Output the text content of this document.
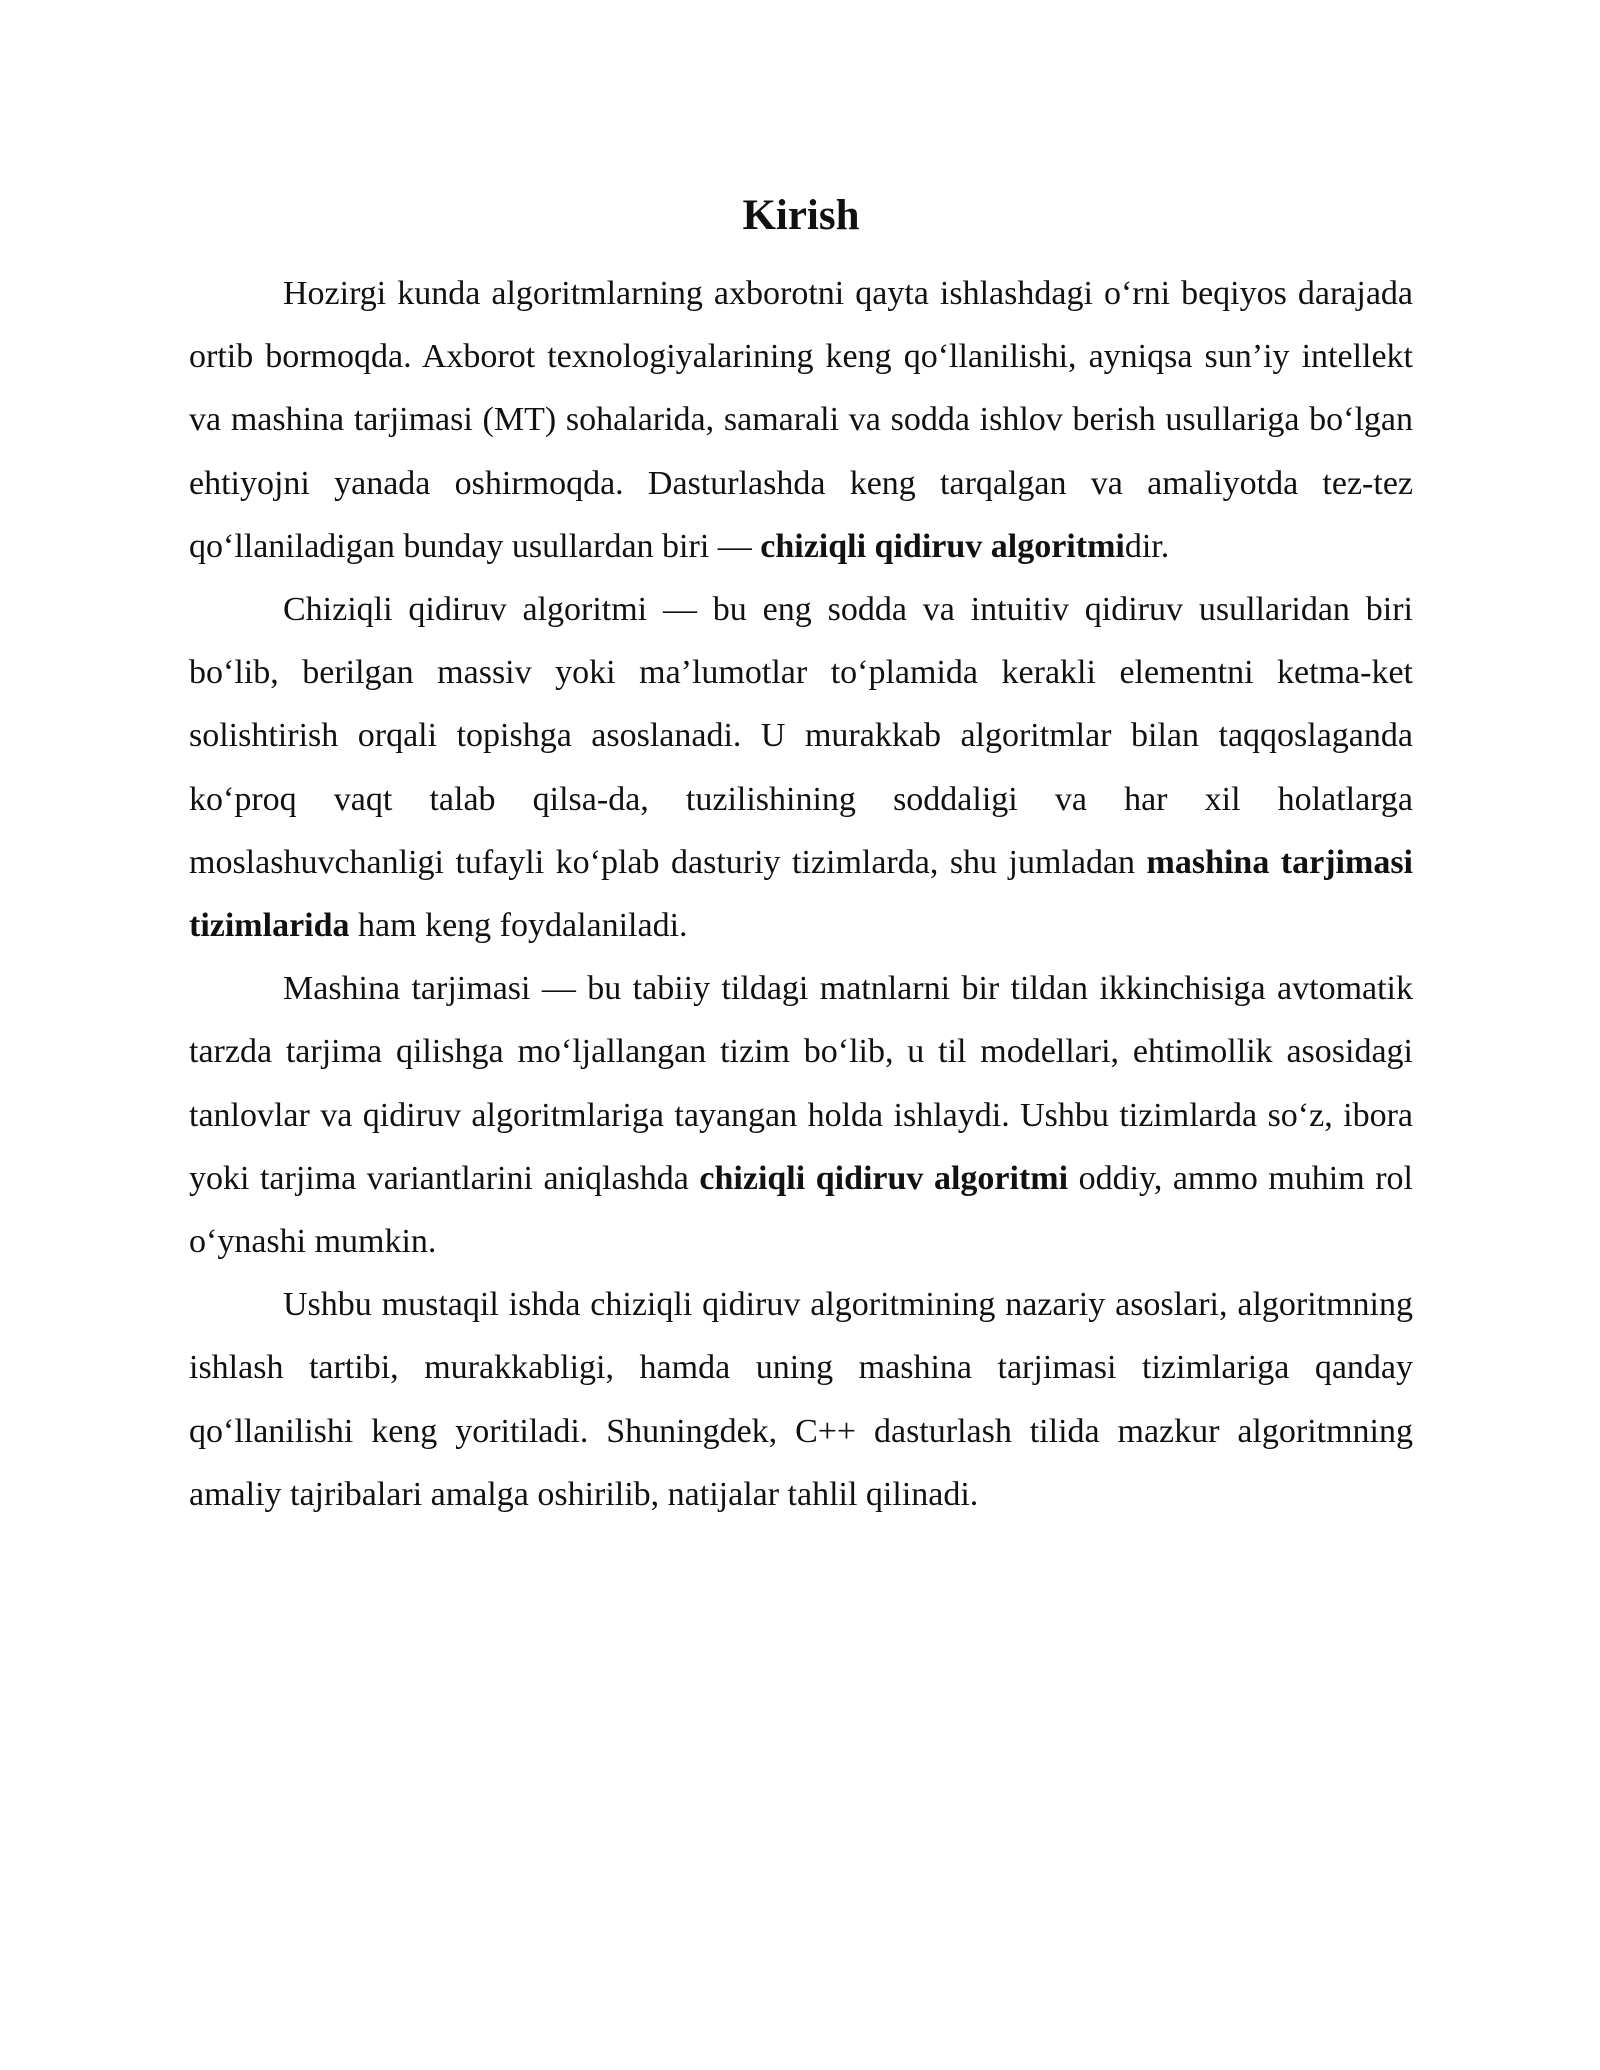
Kirish

Hozirgi kunda algoritmlarning axborotni qayta ishlashdagi o‘rni beqiyos darajada ortib bormoqda. Axborot texnologiyalarining keng qo‘llanilishi, ayniqsa sun’iy intellekt va mashina tarjimasi (MT) sohalarida, samarali va sodda ishlov berish usullariga bo‘lgan ehtiyojni yanada oshirmoqda. Dasturlashda keng tarqalgan va amaliyotda tez-tez qo‘llaniladigan bunday usullardan biri — chiziqli qidiruv algoritmidir.

Chiziqli qidiruv algoritmi — bu eng sodda va intuitiv qidiruv usullaridan biri bo‘lib, berilgan massiv yoki ma’lumotlar to‘plamida kerakli elementni ketma-ket solishtirish orqali topishga asoslanadi. U murakkab algoritmlar bilan taqqoslaganda ko‘proq vaqt talab qilsa-da, tuzilishining soddaligi va har xil holatlarga moslashuvchanligi tufayli ko‘plab dasturiy tizimlarda, shu jumladan mashina tarjimasi tizimlarida ham keng foydalaniladi.

Mashina tarjimasi — bu tabiiy tildagi matnlarni bir tildan ikkinchisiga avtomatik tarzda tarjima qilishga mo‘ljallangan tizim bo‘lib, u til modellari, ehtimollik asosidagi tanlovlar va qidiruv algoritmlariga tayangan holda ishlaydi. Ushbu tizimlarda so‘z, ibora yoki tarjima variantlarini aniqlashda chiziqli qidiruv algoritmi oddiy, ammo muhim rol o‘ynashi mumkin.

Ushbu mustaqil ishda chiziqli qidiruv algoritmining nazariy asoslari, algoritmning ishlash tartibi, murakkabligi, hamda uning mashina tarjimasi tizimlariga qanday qo‘llanilishi keng yoritiladi. Shuningdek, C++ dasturlash tilida mazkur algoritmning amaliy tajribalari amalga oshirilib, natijalar tahlil qilinadi.
